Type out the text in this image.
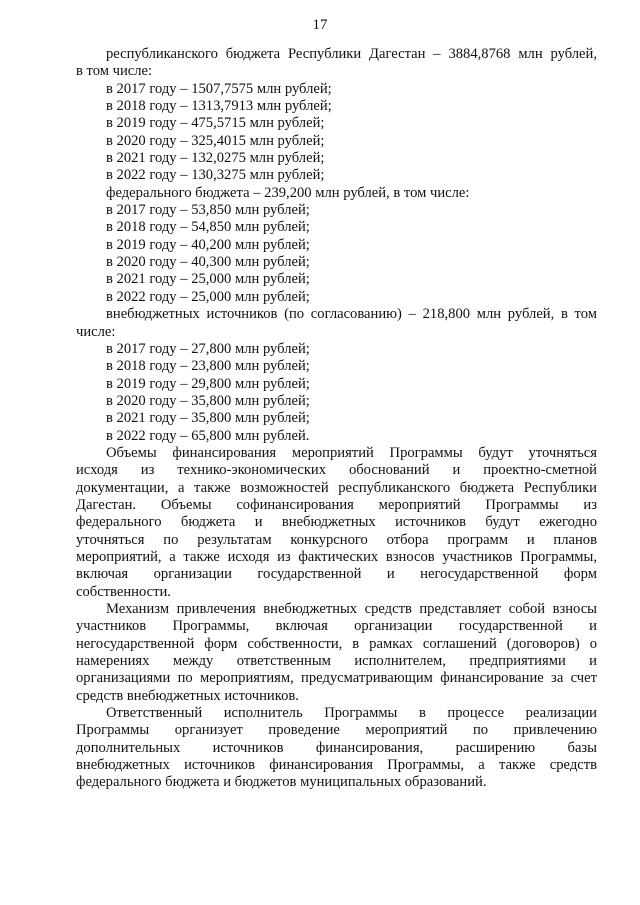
17
республиканского бюджета Республики Дагестан – 3884,8768 млн рублей,
в том числе:
в 2017 году – 1507,7575 млн рублей;
в 2018 году – 1313,7913 млн рублей;
в 2019 году – 475,5715 млн рублей;
в 2020 году – 325,4015 млн рублей;
в 2021 году – 132,0275 млн рублей;
в 2022 году – 130,3275 млн рублей;
федерального бюджета – 239,200 млн рублей, в том числе:
в 2017 году – 53,850 млн рублей;
в 2018 году – 54,850 млн рублей;
в 2019 году – 40,200 млн рублей;
в 2020 году – 40,300 млн рублей;
в 2021 году – 25,000 млн рублей;
в 2022 году – 25,000 млн рублей;
внебюджетных источников (по согласованию) – 218,800 млн рублей, в том
числе:
в 2017 году – 27,800 млн рублей;
в 2018 году – 23,800 млн рублей;
в 2019 году – 29,800 млн рублей;
в 2020 году – 35,800 млн рублей;
в 2021 году – 35,800 млн рублей;
в 2022 году – 65,800 млн рублей.
Объемы финансирования мероприятий Программы будут уточняться
исходя из технико-экономических обоснований и проектно-сметной
документации, а также возможностей республиканского бюджета Республики
Дагестан. Объемы софинансирования мероприятий Программы из
федерального бюджета и внебюджетных источников будут ежегодно
уточняться по результатам конкурсного отбора программ и планов
мероприятий, а также исходя из фактических взносов участников Программы,
включая организации государственной и негосударственной форм
собственности.
Механизм привлечения внебюджетных средств представляет собой взносы
участников Программы, включая организации государственной и
негосударственной форм собственности, в рамках соглашений (договоров) о
намерениях между ответственным исполнителем, предприятиями и
организациями по мероприятиям, предусматривающим финансирование за счет
средств внебюджетных источников.
Ответственный исполнитель Программы в процессе реализации
Программы организует проведение мероприятий по привлечению
дополнительных источников финансирования, расширению базы
внебюджетных источников финансирования Программы, а также средств
федерального бюджета и бюджетов муниципальных образований.
